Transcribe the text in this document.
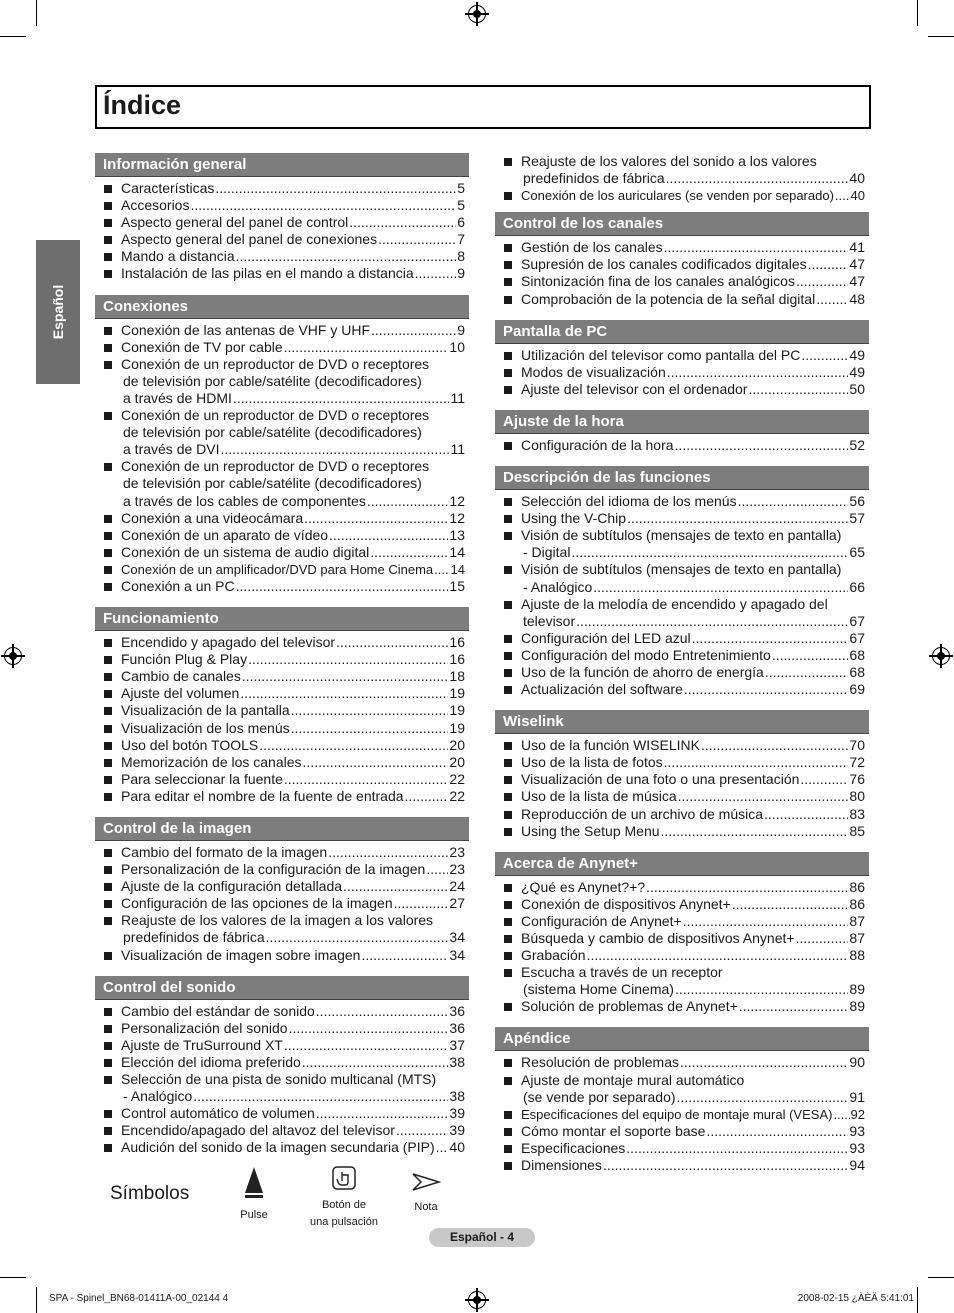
Índice
Español
Información general
Características .....	5
Accesorios .....	5
Aspecto general del panel de control .....	6
Aspecto general del panel de conexiones .....	7
Mando a distancia .....	8
Instalación de las pilas en el mando a distancia .....	9
Conexiones
Conexión de las antenas de VHF y UHF .....	9
Conexión de TV por cable .....	10
Conexión de un reproductor de DVD o receptores
de televisión por cable/satélite (decodificadores)
a través de HDMI .....	11
Conexión de un reproductor de DVD o receptores
de televisión por cable/satélite (decodificadores)
a través de DVI .....	11
Conexión de un reproductor de DVD o receptores
de televisión por cable/satélite (decodificadores)
a través de los cables de componentes .....	12
Conexión a una videocámara .....	12
Conexión de un aparato de vídeo .....	13
Conexión de un sistema de audio digital .....	14
Conexión de un amplificador/DVD para Home Cinema ..... 14
Conexión a un PC .....	15
Funcionamiento
Encendido y apagado del televisor .....	16
Función Plug & Play .....	16
Cambio de canales .....	18
Ajuste del volumen .....	19
Visualización de la pantalla .....	19
Visualización de los menús .....	19
Uso del botón TOOLS .....	20
Memorización de los canales .....	20
Para seleccionar la fuente .....	22
Para editar el nombre de la fuente de entrada .....	22
Control de la imagen
Cambio del formato de la imagen .....	23
Personalización de la configuración de la imagen ..... 23
Ajuste de la configuración detallada .....	24
Configuración de las opciones de la imagen .....	27
Reajuste de los valores de la imagen a los valores
predefinidos de fábrica .....	34
Visualización de imagen sobre imagen .....	34
Control del sonido
Cambio del estándar de sonido .....	36
Personalización del sonido .....	36
Ajuste de TruSurround XT .....	37
Elección del idioma preferido .....	38
Selección de una pista de sonido multicanal (MTS)
- Analógico .....	38
Control automático de volumen .....	39
Encendido/apagado del altavoz del televisor .....	39
Audición del sonido de la imagen secundaria (PIP) ..... 40
Reajuste de los valores del sonido a los valores
predefinidos de fábrica .....	40
Conexión de los auriculares (se venden por separado) ..... 40
Control de los canales
Gestión de los canales .....	41
Supresión de los canales codificados digitales .....	47
Sintonización fina de los canales analógicos .....	47
Comprobación de la potencia de la señal digital ..... 48
Pantalla de PC
Utilización del televisor como pantalla del PC .....	49
Modos de visualización .....	49
Ajuste del televisor con el ordenador .....	50
Ajuste de la hora
Configuración de la hora .....	52
Descripción de las funciones
Selección del idioma de los menús .....	56
Using the V-Chip .....	57
Visión de subtítulos (mensajes de texto en pantalla)
- Digital .....	65
Visión de subtítulos (mensajes de texto en pantalla)
- Analógico .....	66
Ajuste de la melodía de encendido y apagado del
televisor .....	67
Configuración del LED azul .....	67
Configuración del modo Entretenimiento .....	68
Uso de la función de ahorro de energía .....	68
Actualización del software .....	69
Wiselink
Uso de la función WISELINK .....	70
Uso de la lista de fotos .....	72
Visualización de una foto o una presentación .....	76
Uso de la lista de música .....	80
Reproducción de un archivo de música .....	83
Using the Setup Menu .....	85
Acerca de Anynet+
¿Qué es Anynet?+? .....	86
Conexión de dispositivos Anynet+ .....	86
Configuración de Anynet+ .....	87
Búsqueda y cambio de dispositivos Anynet+ .....	87
Grabación .....	88
Escucha a través de un receptor
(sistema Home Cinema) .....	89
Solución de problemas de Anynet+ .....	89
Apéndice
Resolución de problemas .....	90
Ajuste de montaje mural automático
(se vende por separado) .....	91
Especificaciones del equipo de montaje mural (VESA) ..... 92
Cómo montar el soporte base .....	93
Especificaciones .....	93
Dimensiones .....	94
Símbolos
Pulse
Botón de
una pulsación
Nota
Español - 4
SPA - Spinel_BN68-01411A-00_02144 4	2008-02-15 ¿ÀÈÄ 5:41:01
